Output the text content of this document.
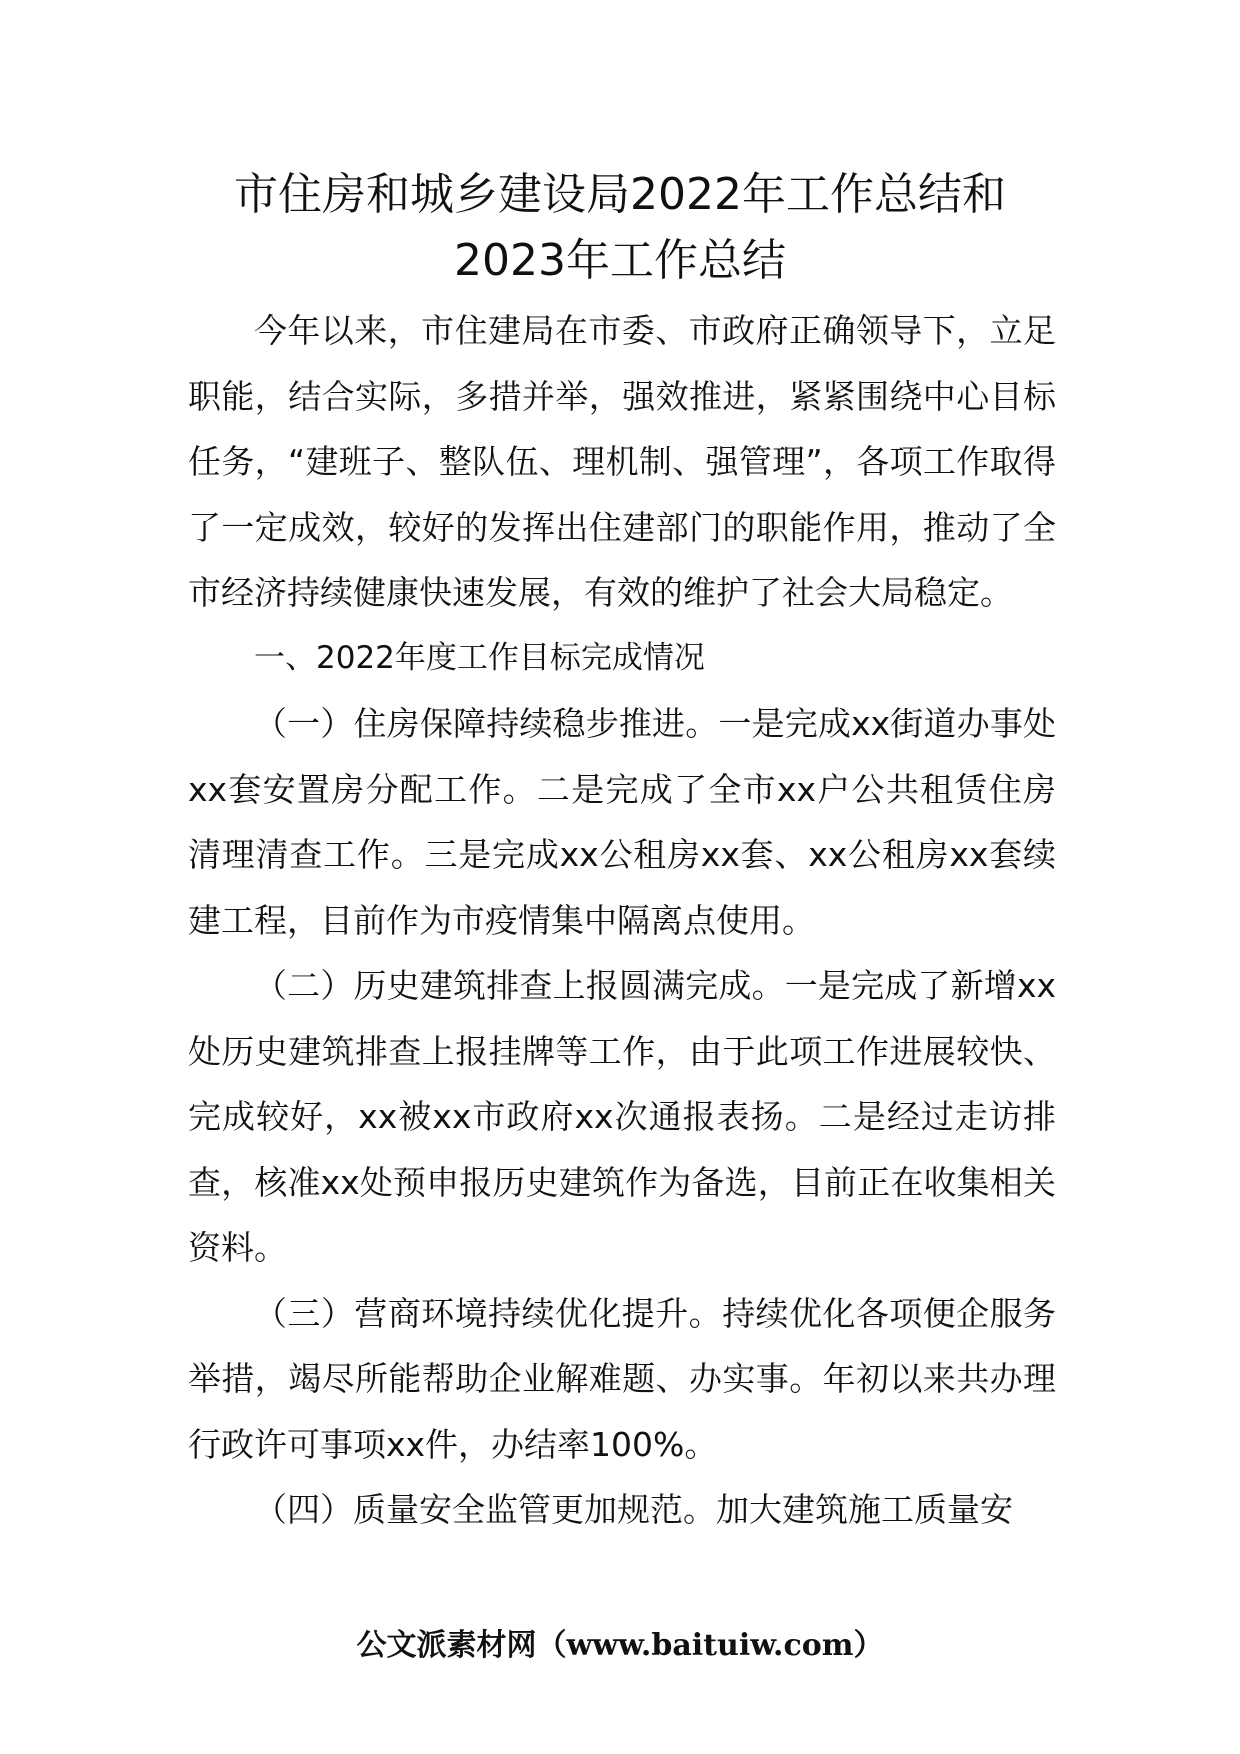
市住房和城乡建设局2022年工作总结和
2023年工作总结

今年以来，市住建局在市委、市政府正确领导下，立足职能，结合实际，多措并举，强效推进，紧紧围绕中心目标任务，“建班子、整队伍、理机制、强管理”，各项工作取得了一定成效，较好的发挥出住建部门的职能作用，推动了全市经济持续健康快速发展，有效的维护了社会大局稳定。

一、2022年度工作目标完成情况

（一）住房保障持续稳步推进。一是完成xx街道办事处xx套安置房分配工作。二是完成了全市xx户公共租赁住房清理清查工作。三是完成xx公租房xx套、xx公租房xx套续建工程，目前作为市疫情集中隔离点使用。

（二）历史建筑排查上报圆满完成。一是完成了新增xx处历史建筑排查上报挂牌等工作，由于此项工作进展较快、完成较好，xx被xx市政府xx次通报表扬。二是经过走访排查，核准xx处预申报历史建筑作为备选，目前正在收集相关资料。

（三）营商环境持续优化提升。持续优化各项便企服务举措，竭尽所能帮助企业解难题、办实事。年初以来共办理行政许可事项xx件，办结率100%。

（四）质量安全监管更加规范。加大建筑施工质量安

公文派素材网（www.baituiw.com）
